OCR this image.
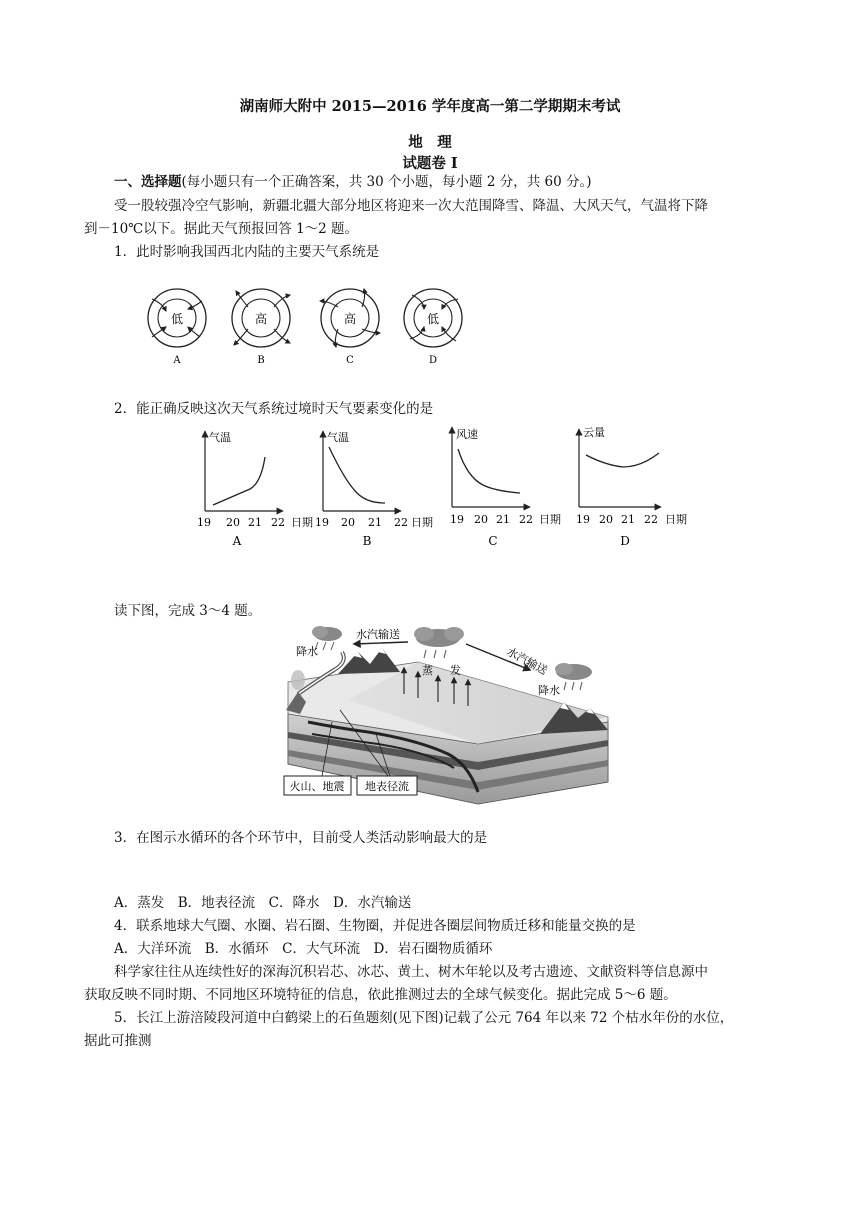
湖南师大附中 2015—2016 学年度高一第二学期期末考试
地　理
试题卷 I
一、选择题(每小题只有一个正确答案，共 30 个小题，每小题 2 分，共 60 分。)
受一股较强冷空气影响，新疆北疆大部分地区将迎来一次大范围降雪、降温、大风天气，气温将下降
到－10℃以下。据此天气预报回答 1～2 题。
1．此时影响我国西北内陆的主要天气系统是
低
A
高
B
高
C
低
D
2．能正确反映这次天气系统过境时天气要素变化的是
气温
19 20 21 22 日期
A
气温
19 20 21 22 日期
B
风速
19 20 21 22 日期
C
云量
19 20 21 22 日期
D
读下图，完成 3～4 题。
水汽输送
水汽输送
降水
降水
蒸 发
火山、地震 地表径流
3．在图示水循环的各个环节中，目前受人类活动影响最大的是
A．蒸发　B．地表径流　C．降水　D．水汽输送
4．联系地球大气圈、水圈、岩石圈、生物圈，并促进各圈层间物质迁移和能量交换的是
A．大洋环流　B．水循环　C．大气环流　D．岩石圈物质循环
科学家往往从连续性好的深海沉积岩芯、冰芯、黄土、树木年轮以及考古遗迹、文献资料等信息源中
获取反映不同时期、不同地区环境特征的信息，依此推测过去的全球气候变化。据此完成 5～6 题。
5．长江上游涪陵段河道中白鹤梁上的石鱼题刻(见下图)记载了公元 764 年以来 72 个枯水年份的水位，
据此可推测
